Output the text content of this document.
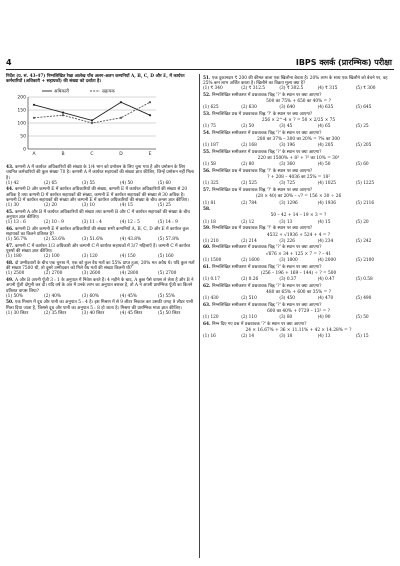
4	IBPS क्लर्क (प्रारम्भिक) परीक्षा

निर्देश (प्र. सं. 43-47) निम्नलिखित रेखा आलेख पाँच अलग-अलग कम्पनियों A, B, C, D और E, में कार्यरत कर्मचारियों (अधिकारी + सहायकों) की संख्या को दर्शाता है।

200
150
100
50
0
A	B	C	D	E
अधिकारी	सहायक
43. कम्पनी A में कार्यरत अधिकारियों की संख्या के 1/4 भाग को प्रमोशन के लिए चुना गया है और प्रमोशन के लिए चयनित कर्मचारियों की कुल संख्या 70 है। कम्पनी A में कार्यरत सहायकों की संख्या ज्ञात कीजिए, जिन्हें प्रमोशन नहीं मिला है।
(1) 42	(2) 65	(3) 55	(4) 50	(5) 60
44. कम्पनी D और कम्पनी E में कार्यरत अधिकारियों की संख्या, कम्पनी E में कार्यरत अधिकारियों की संख्या से 20 अधिक है तथा कम्पनी D में कार्यरत सहायकों की संख्या, कम्पनी E में कार्यरत सहायकों की संख्या से 30 अधिक है। कम्पनी D में कार्यरत सहायकों की संख्या और कम्पनी E में कार्यरत अधिकारियों की संख्या के बीच अन्तर ज्ञात कीजिए।
(1) 30	(2) 20	(3) 10	(4) 15	(5) 25
45. कम्पनी A और B में कार्यरत अधिकारियों की संख्या तथा कम्पनी B और C में कार्यरत सहायकों की संख्या के बीच अनुपात ज्ञात कीजिए।
(1) 13 : 6	(2) 10 : 9	(3) 11 : 4	(4) 12 : 5	(5) 14 : 9
46. कम्पनी D और कम्पनी E में कार्यरत अधिकारियों की संख्या सभी कम्पनियों A, B, C, D और E में कार्यरत कुल सहायकों का कितने प्रतिशत है?
(1) 56.7%	(2) 53.6%	(3) 51.6%	(4) 43.8%	(5) 57.8%
47. कम्पनी C में कार्यरत 1/3 अधिकारी और कम्पनी C में कार्यरत सहायकों में 3/7 महिलाएँ हैं। कम्पनी C में कार्यरत पुरुषों की संख्या ज्ञात कीजिए।
(1) 180	(2) 100	(3) 120	(4) 150	(5) 160
48. दो उम्मीदवारों के बीच एक चुनाव में, एक को कुल वैध मतों का 55% प्राप्त हुआ, 20% मत अवैध थे। यदि कुल मतों की संख्या 7500 थी, तो दूसरे उम्मीदवार को मिले वैध मतों की संख्या कितनी थी?
(1) 2500	(2) 2700	(3) 2600	(4) 2800	(5) 2700
49. A और B अपनी पूँजी 3 : 1 के अनुपात में निवेश करते हैं। 4 महीने के बाद, A कुछ पैसे वापस ले लेता है और B ने अपनी पूँजी दोगुनी कर दी। यदि वर्ष के अंत में उनके लाभ का अनुपात बराबर है, तो A ने अपनी प्रारम्भिक पूँजी का कितने प्रतिशत वापस लिया?
(1) 50%	(2) 40%	(3) 60%	(4) 45%	(5) 55%
50. एक मिश्रण में दूध और पानी का अनुपात 5 : 4 है। इस मिश्रण में से 9 लीटर निकाल कर उसकी जगह 9 लीटर पानी मिला दिया जाता है, जिससे दूध और पानी का अनुपात 5 : 8 हो जाता है। मिश्रण की प्रारम्भिक मात्रा ज्ञात कीजिए।
(1) 30 लिटर	(2) 35 लिटर	(3) 40 लिटर	(4) 45 लिटर	(5) 50 लिटर
51. एक दुकानदार ₹ 200 की कीमत वाला एक खिलौना बेचता है। 20% लाभ के साथ एक खिलौने को बेचने पर, वह 25% कम लाभ अर्जित करता है। खिलौने का विक्रय मूल्य क्या है?
(1) ₹ 340	(2) ₹ 312.5	(3) ₹ 302.5	(4) ₹ 315	(5) ₹ 300
52. निम्नलिखित समीकरण में प्रश्नवाचक चिह्न '?' के स्थान पर क्या आएगा?
500 का 75% + 650 का 40% = ?
(1) 625	(2) 630	(3) 640	(4) 635	(5) 645
53. निम्नलिखित प्रश्न में प्रश्नवाचक चिह्न '?' के स्थान पर क्या आएगा?
256 × 2^-4 × ? = 50 × 2/25 × 75
(1) 75	(2) 50	(3) 45	(4) 65	(5) 25
54. निम्नलिखित समीकरण में प्रश्नवाचक चिह्न '?' के स्थान पर क्या आएगा?
280 का 37% – 300 का 20% = ?% का 300
(1) 187	(2) 168	(3) 196	(4) 205	(5) 205
55. निम्नलिखित समीकरण में प्रश्नवाचक चिह्न '?' के स्थान पर क्या आएगा?
220 का 1500% + 8² + ?² का 10% = 30³
(1) 58	(2) 80	(3) 360	(4) 50	(5) 60
56. निम्नलिखित प्रश्न में प्रश्नवाचक चिह्न '?' के स्थान पर क्या आएगा?
? + 208 – 4036 का 25% = 18²
(1) 325	(2) 525	(3) 725	(4) 1025	(5) 1225
57. निम्नलिखित प्रश्न में प्रश्नवाचक चिह्न '?' के स्थान पर क्या आएगा?
(28 × 40) का 20% – √? = 156 × 30 ÷ 26
(1) 81	(2) 784	(3) 1296	(4) 1936	(5) 2116
58.
50 – 42 + 14 – 19 × 3 = ?
(1) 18	(2) 12	(3) 13	(4) 15	(5) 20
59. निम्नलिखित प्रश्न में प्रश्नवाचक चिह्न '?' के स्थान पर क्या आएगा?
4532 + √1936 + 524 + 4 = ?
(1) 210	(2) 214	(3) 226	(4) 234	(5) 242
60. निम्नलिखित समीकरण में प्रश्नवाचक चिह्न '?' के स्थान पर क्या आएगा?
√676 × 34 + 125 × 7 = ? – 41
(1) 1500	(2) 1600	(3) 1800	(4) 2000	(5) 2100
61. निम्नलिखित समीकरण में प्रश्नवाचक चिह्न '?' के स्थान पर क्या आएगा?
(256 – 196 + 169 – 144) ÷ ? = 500
(1) 0.17	(2) 0.26	(3) 0.37	(4) 0.47	(5) 0.58
62. निम्नलिखित समीकरण में प्रश्नवाचक चिह्न '?' के स्थान पर क्या आएगा?
480 का 65% + 600 का 35% = ?
(1) 430	(2) 510	(3) 450	(4) 470	(5) 490
63. निम्नलिखित समीकरण में प्रश्नवाचक चिह्न '?' के स्थान पर क्या आएगा?
600 का 40% + ∛729 – 13² = ?
(1) 120	(2) 110	(3) 80	(4) 90	(5) 50
64. निम्न दिए गए प्रश्न में प्रश्नवाचक '?' के स्थान पर क्या आएगा?
24 × 16.67% + 36 × 11.11% + 42 × 14.28% = ?
(1) 16	(2) 14	(3) 18	(4) 13	(5) 15
